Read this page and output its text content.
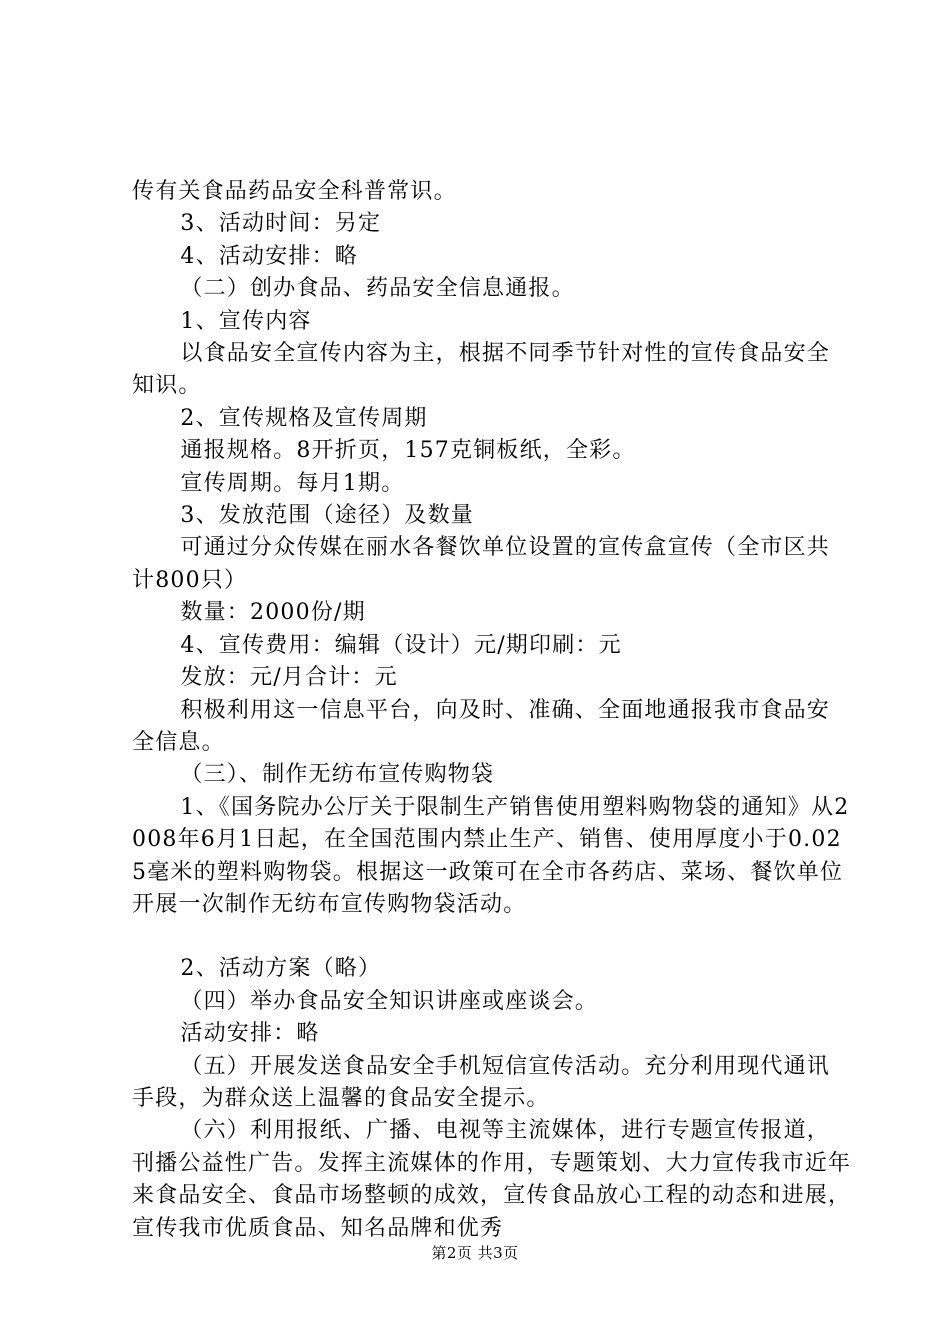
传有关食品药品安全科普常识。

3、活动时间：另定

4、活动安排：略

（二）创办食品、药品安全信息通报。

1、宣传内容

以食品安全宣传内容为主，根据不同季节针对性的宣传食品安全知识。

2、宣传规格及宣传周期

通报规格。8开折页，157克铜板纸，全彩。

宣传周期。每月1期。

3、发放范围（途径）及数量

可通过分众传媒在丽水各餐饮单位设置的宣传盒宣传（全市区共计800只）

数量：2000份/期

4、宣传费用：编辑（设计）元/期印刷：元

发放：元/月合计：元

积极利用这一信息平台，向及时、准确、全面地通报我市食品安全信息。

（三）、制作无纺布宣传购物袋

1、《国务院办公厅关于限制生产销售使用塑料购物袋的通知》从2008年6月1日起，在全国范围内禁止生产、销售、使用厚度小于0.025毫米的塑料购物袋。根据这一政策可在全市各药店、菜场、餐饮单位开展一次制作无纺布宣传购物袋活动。

2、活动方案（略）

（四）举办食品安全知识讲座或座谈会。

活动安排：略

（五）开展发送食品安全手机短信宣传活动。充分利用现代通讯手段，为群众送上温馨的食品安全提示。

（六）利用报纸、广播、电视等主流媒体，进行专题宣传报道，刊播公益性广告。发挥主流媒体的作用，专题策划、大力宣传我市近年来食品安全、食品市场整顿的成效，宣传食品放心工程的动态和进展，宣传我市优质食品、知名品牌和优秀

第2页 共3页
